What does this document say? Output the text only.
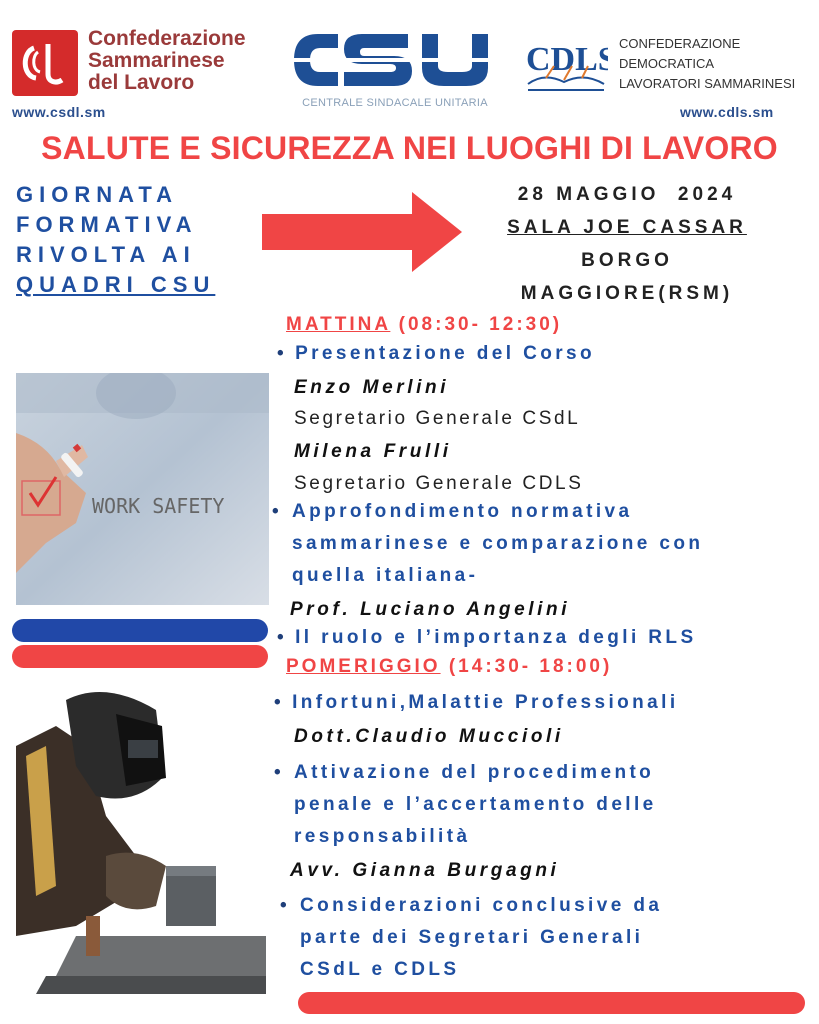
Confederazione
Sammarinese
del Lavoro
www.csdl.sm
CENTRALE SINDACALE UNITARIA
CDLS CONFEDERAZIONE
DEMOCRATICA
LAVORATORI SAMMARINESI
www.cdls.sm
SALUTE E SICUREZZA NEI LUOGHI DI LAVORO
GIORNATA
FORMATIVA
RIVOLTA AI
QUADRI CSU
28 MAGGIO  2024
SALA JOE CASSAR
BORGO
MAGGIORE(RSM)
MATTINA (08:30- 12:30)
• Presentazione del Corso
Enzo Merlini
Segretario Generale CSdL
Milena Frulli
Segretario Generale CDLS
• Approfondimento normativa
sammarinese e comparazione con
quella italiana-
Prof. Luciano Angelini
• Il ruolo e l’importanza degli RLS
POMERIGGIO (14:30- 18:00)
• Infortuni,Malattie Professionali
Dott.Claudio Muccioli
• Attivazione del procedimento
penale e l’accertamento delle
responsabilità
Avv. Gianna Burgagni
• Considerazioni conclusive da
parte dei Segretari Generali
CSdL e CDLS
WORK SAFETY
